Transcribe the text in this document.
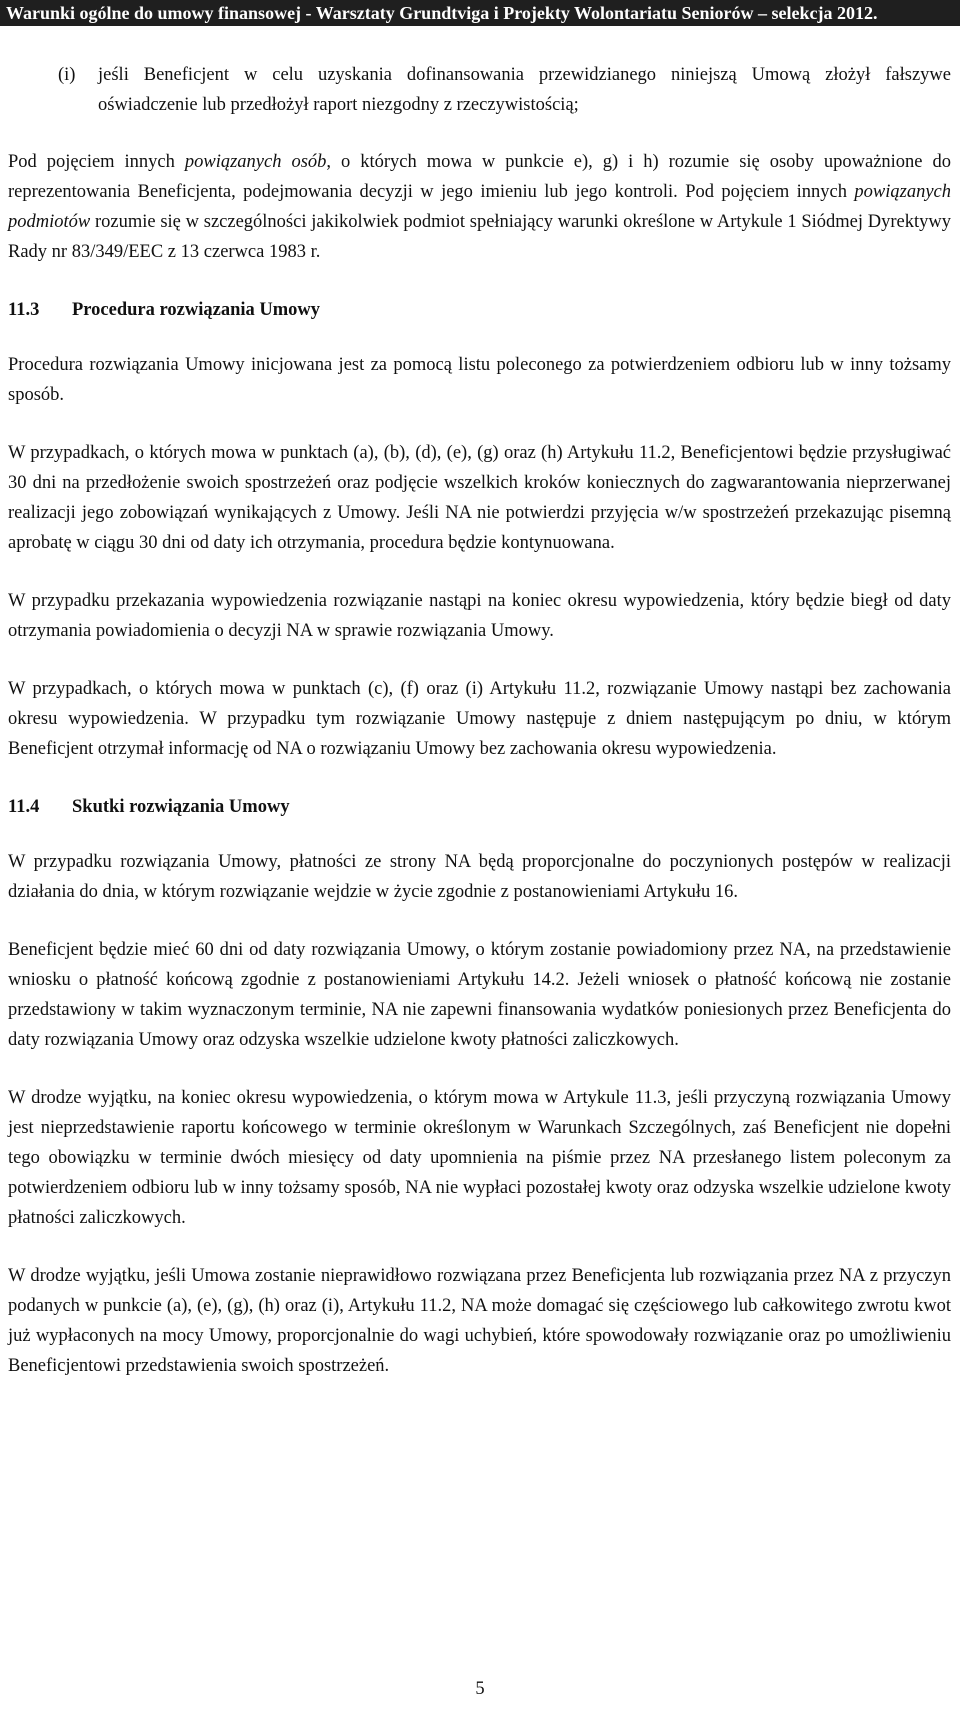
Warunki ogólne do umowy finansowej - Warsztaty Grundtviga i Projekty Wolontariatu Seniorów – selekcja 2012.
(i)	jeśli Beneficjent w celu uzyskania dofinansowania przewidzianego niniejszą Umową złożył fałszywe oświadczenie lub przedłożył raport niezgodny z rzeczywistością;

Pod pojęciem innych powiązanych osób, o których mowa w punkcie e), g) i h) rozumie się osoby upoważnione do reprezentowania Beneficjenta, podejmowania decyzji w jego imieniu lub jego kontroli. Pod pojęciem innych powiązanych podmiotów rozumie się w szczególności jakikolwiek podmiot spełniający warunki określone w Artykule 1 Siódmej Dyrektywy Rady nr 83/349/EEC z 13 czerwca 1983 r.

11.3	Procedura rozwiązania Umowy

Procedura rozwiązania Umowy inicjowana jest za pomocą listu poleconego za potwierdzeniem odbioru lub w inny tożsamy sposób.

W przypadkach, o których mowa w punktach (a), (b), (d), (e), (g) oraz (h) Artykułu 11.2, Beneficjentowi będzie przysługiwać 30 dni na przedłożenie swoich spostrzeżeń oraz podjęcie wszelkich kroków koniecznych do zagwarantowania nieprzerwanej realizacji jego zobowiązań wynikających z Umowy. Jeśli NA nie potwierdzi przyjęcia w/w spostrzeżeń przekazując pisemną aprobatę w ciągu 30 dni od daty ich otrzymania, procedura będzie kontynuowana.

W przypadku przekazania wypowiedzenia rozwiązanie nastąpi na koniec okresu wypowiedzenia, który będzie biegł od daty otrzymania powiadomienia o decyzji NA w sprawie rozwiązania Umowy.

W przypadkach, o których mowa w punktach (c), (f) oraz (i) Artykułu 11.2, rozwiązanie Umowy nastąpi bez zachowania okresu wypowiedzenia. W przypadku tym rozwiązanie Umowy następuje z dniem następującym po dniu, w którym Beneficjent otrzymał informację od NA o rozwiązaniu Umowy bez zachowania okresu wypowiedzenia.

11.4	Skutki rozwiązania Umowy

W przypadku rozwiązania Umowy, płatności ze strony NA będą proporcjonalne do poczynionych postępów w realizacji działania do dnia, w którym rozwiązanie wejdzie w życie zgodnie z postanowieniami Artykułu 16.

Beneficjent będzie mieć 60 dni od daty rozwiązania Umowy, o którym zostanie powiadomiony przez NA, na przedstawienie wniosku o płatność końcową zgodnie z postanowieniami Artykułu 14.2. Jeżeli wniosek o płatność końcową nie zostanie przedstawiony w takim wyznaczonym terminie, NA nie zapewni finansowania wydatków poniesionych przez Beneficjenta do daty rozwiązania Umowy oraz odzyska wszelkie udzielone kwoty płatności zaliczkowych.

W drodze wyjątku, na koniec okresu wypowiedzenia, o którym mowa w Artykule 11.3, jeśli przyczyną rozwiązania Umowy jest nieprzedstawienie raportu końcowego w terminie określonym w Warunkach Szczególnych, zaś Beneficjent nie dopełni tego obowiązku w terminie dwóch miesięcy od daty upomnienia na piśmie przez NA przesłanego listem poleconym za potwierdzeniem odbioru lub w inny tożsamy sposób, NA nie wypłaci pozostałej kwoty oraz odzyska wszelkie udzielone kwoty płatności zaliczkowych.

W drodze wyjątku, jeśli Umowa zostanie nieprawidłowo rozwiązana przez Beneficjenta lub rozwiązania przez NA z przyczyn podanych w punkcie (a), (e), (g), (h) oraz (i), Artykułu 11.2, NA może domagać się częściowego lub całkowitego zwrotu kwot już wypłaconych na mocy Umowy, proporcjonalnie do wagi uchybień, które spowodowały rozwiązanie oraz po umożliwieniu Beneficjentowi przedstawienia swoich spostrzeżeń.

5
